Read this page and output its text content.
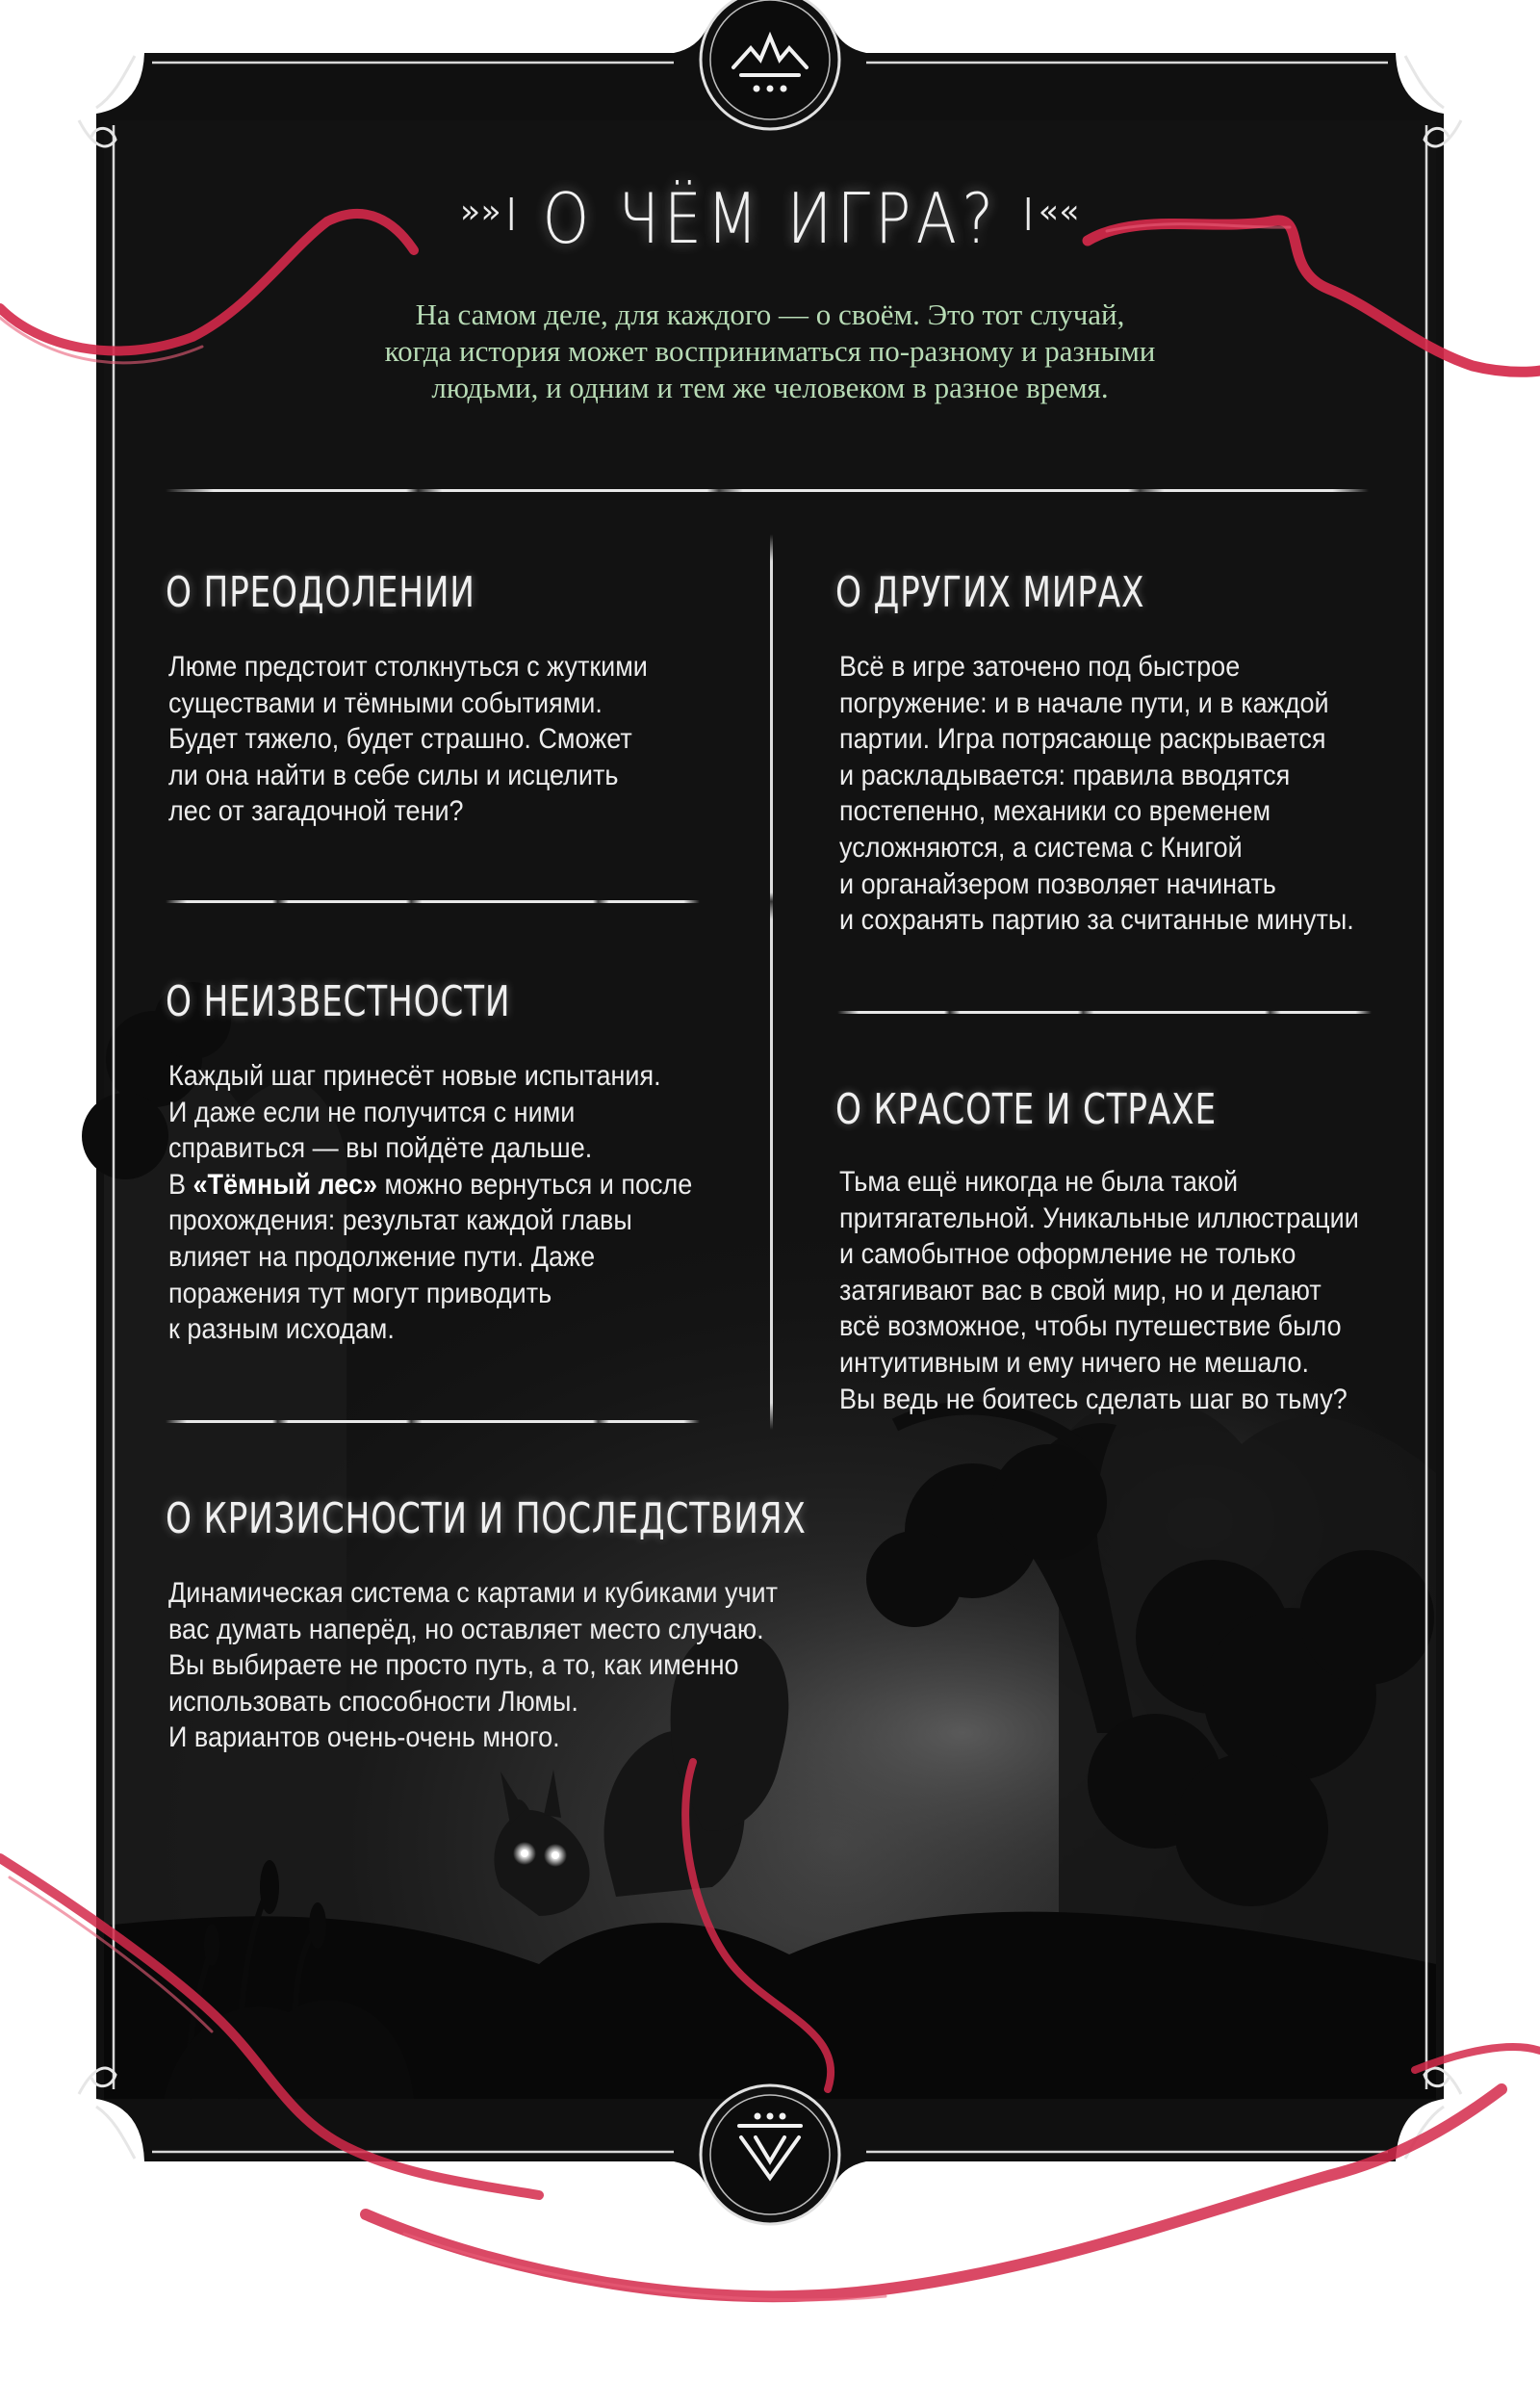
»»| О ЧЁМ ИГРА? |««
На самом деле, для каждого — о своём. Это тот случай,
когда история может восприниматься по-разному и разными
людьми, и одним и тем же человеком в разное время.
О ПРЕОДОЛЕНИИ
Люме предстоит столкнуться с жуткими
существами и тёмными событиями.
Будет тяжело, будет страшно. Сможет
ли она найти в себе силы и исцелить
лес от загадочной тени?
О ДРУГИХ МИРАХ
Всё в игре заточено под быстрое
погружение: и в начале пути, и в каждой
партии. Игра потрясающе раскрывается
и раскладывается: правила вводятся
постепенно, механики со временем
усложняются, а система с Книгой
и органайзером позволяет начинать
и сохранять партию за считанные минуты.
О НЕИЗВЕСТНОСТИ
Каждый шаг принесёт новые испытания.
И даже если не получится с ними
справиться — вы пойдёте дальше.
В «Тёмный лес» можно вернуться и после
прохождения: результат каждой главы
влияет на продолжение пути. Даже
поражения тут могут приводить
к разным исходам.
О КРАСОТЕ И СТРАХЕ
Тьма ещё никогда не была такой
притягательной. Уникальные иллюстрации
и самобытное оформление не только
затягивают вас в свой мир, но и делают
всё возможное, чтобы путешествие было
интуитивным и ему ничего не мешало.
Вы ведь не боитесь сделать шаг во тьму?
О КРИЗИСНОСТИ И ПОСЛЕДСТВИЯХ
Динамическая система с картами и кубиками учит
вас думать наперёд, но оставляет место случаю.
Вы выбираете не просто путь, а то, как именно
использовать способности Люмы.
И вариантов очень-очень много.
